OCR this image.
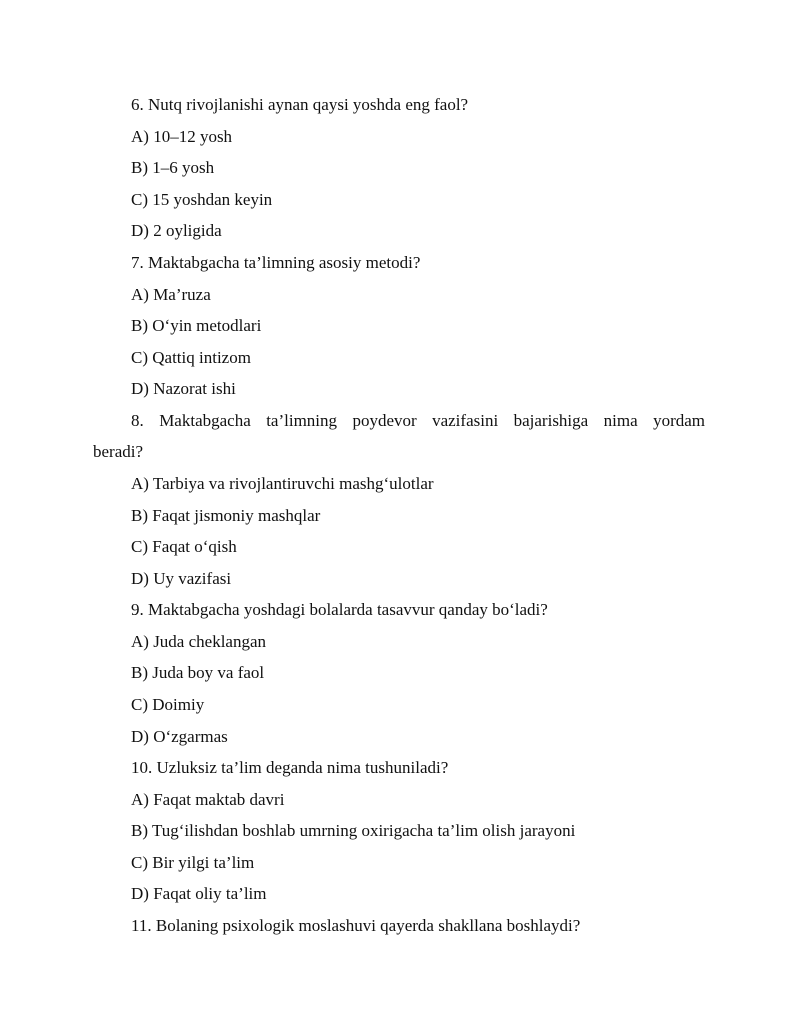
6. Nutq rivojlanishi aynan qaysi yoshda eng faol?
A) 10–12 yosh
B) 1–6 yosh
C) 15 yoshdan keyin
D) 2 oyligida
7. Maktabgacha ta’limning asosiy metodi?
A) Ma’ruza
B) O‘yin metodlari
C) Qattiq intizom
D) Nazorat ishi
8. Maktabgacha ta’limning poydevor vazifasini bajarishiga nima yordam
beradi?
A) Tarbiya va rivojlantiruvchi mashg‘ulotlar
B) Faqat jismoniy mashqlar
C) Faqat o‘qish
D) Uy vazifasi
9. Maktabgacha yoshdagi bolalarda tasavvur qanday bo‘ladi?
A) Juda cheklangan
B) Juda boy va faol
C) Doimiy
D) O‘zgarmas
10. Uzluksiz ta’lim deganda nima tushuniladi?
A) Faqat maktab davri
B) Tug‘ilishdan boshlab umrning oxirigacha ta’lim olish jarayoni
C) Bir yilgi ta’lim
D) Faqat oliy ta’lim
11. Bolaning psixologik moslashuvi qayerda shakllana boshlaydi?
